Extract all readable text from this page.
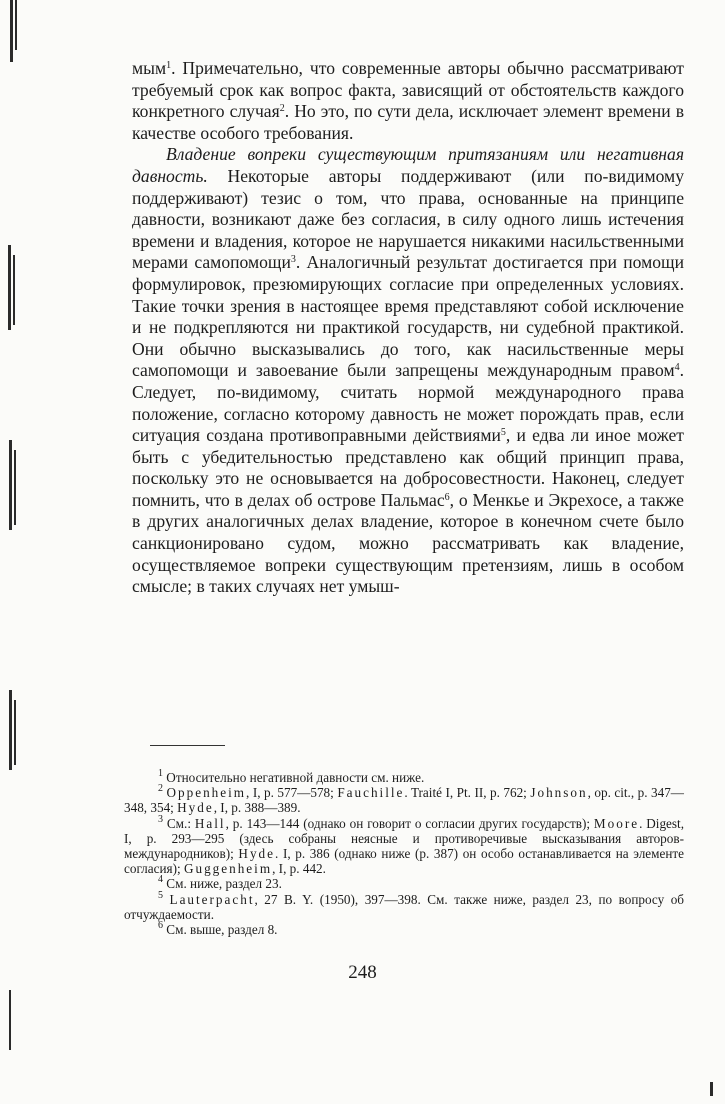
мым$^1$. Примечательно, что современные авторы обычно рассматривают требуемый срок как вопрос факта, зависящий от обстоятельств каждого конкретного случая$^2$. Но это, по сути дела, исключает элемент времени в качестве особого требования.

Владение вопреки существующим притязаниям или негативная давность. Некоторые авторы поддерживают (или по-видимому поддерживают) тезис о том, что права, основанные на принципе давности, возникают даже без согласия, в силу одного лишь истечения времени и владения, которое не нарушается никакими насильственными мерами самопомощи$^3$. Аналогичный результат достигается при помощи формулировок, презюмирующих согласие при определенных условиях. Такие точки зрения в настоящее время представляют собой исключение и не подкрепляются ни практикой государств, ни судебной практикой. Они обычно высказывались до того, как насильственные меры самопомощи и завоевание были запрещены международным правом$^4$. Следует, по-видимому, считать нормой международного права положение, согласно которому давность не может порождать прав, если ситуация создана противоправными действиями$^5$, и едва ли иное может быть с убедительностью представлено как общий принцип права, поскольку это не основывается на добросовестности. Наконец, следует помнить, что в делах об острове Пальмас$^6$, о Менкье и Экрехосе, а также в других аналогичных делах владение, которое в конечном счете было санкционировано судом, можно рассматривать как владение, осуществляемое вопреки существующим претензиям, лишь в особом смысле; в таких случаях нет умыш-

$^1$ Относительно негативной давности см. ниже.

$^2$ Oppenheim, I, p. 577—578; Fauchille. Traité I, Pt. II, p. 762; Johnson, op. cit., p. 347—348, 354; Hyde, I, p. 388—389.

$^3$ См.: Hall, p. 143—144 (однако он говорит о согласии других государств); Moore. Digest, I, p. 293—295 (здесь собраны неясные и противоречивые высказывания авторов-международников); Hyde. I, p. 386 (однако ниже (p. 387) он особо останавливается на элементе согласия); Guggenheim, I, p. 442.

$^4$ См. ниже, раздел 23.

$^5$ Lauterpacht, 27 B. Y. (1950), 397—398. См. также ниже, раздел 23, по вопросу об отчуждаемости.

$^6$ См. выше, раздел 8.

248
